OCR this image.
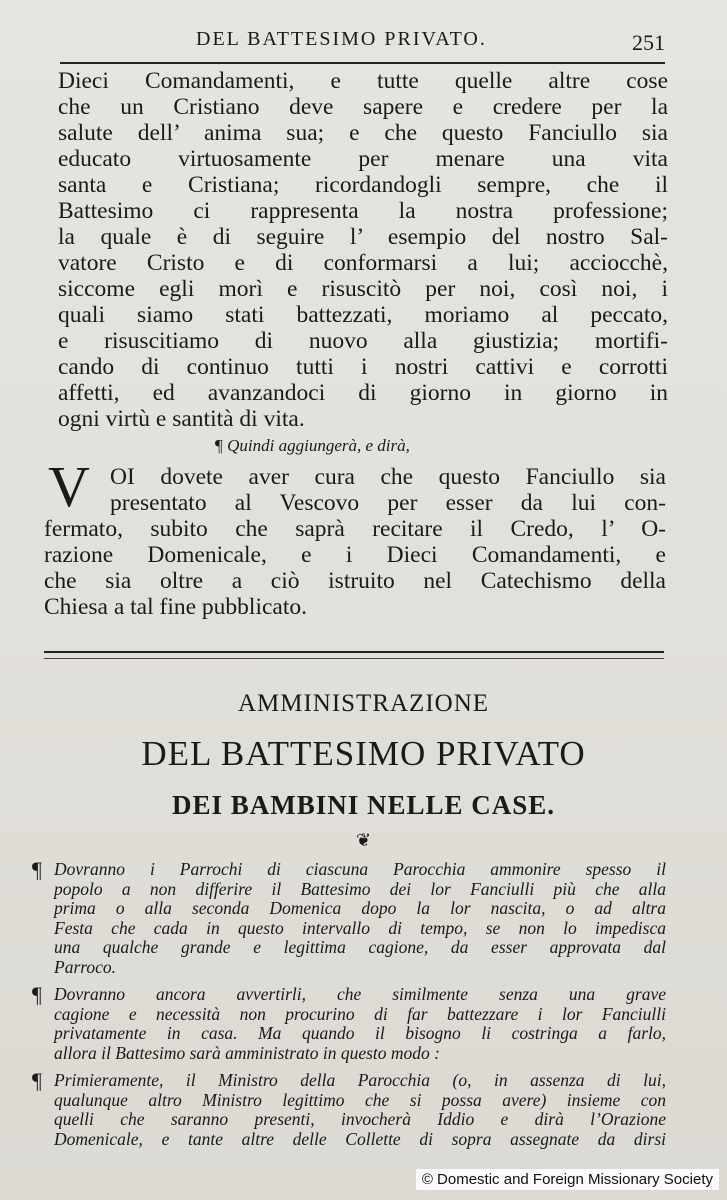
DEL BATTESIMO PRIVATO.	251
Dieci Comandamenti, e tutte quelle altre cose
che un Cristiano deve sapere e credere per la
salute dell’ anima sua; e che questo Fanciullo sia
educato virtuosamente per menare una vita
santa e Cristiana; ricordandogli sempre, che il
Battesimo ci rappresenta la nostra professione;
la quale è di seguire l’ esempio del nostro Sal-
vatore Cristo e di conformarsi a lui; acciocchè,
siccome egli morì e risuscitò per noi, così noi, i
quali siamo stati battezzati, moriamo al peccato,
e risuscitiamo di nuovo alla giustizia; mortifi-
cando di continuo tutti i nostri cattivi e corrotti
affetti, ed avanzandoci di giorno in giorno in
ogni virtù e santità di vita.
¶ Quindi aggiungerà, e dirà,
V OI dovete aver cura che questo Fanciullo sia
presentato al Vescovo per esser da lui con-
fermato, subito che saprà recitare il Credo, l’ O-
razione Domenicale, e i Dieci Comandamenti, e
che sia oltre a ciò istruito nel Catechismo della
Chiesa a tal fine pubblicato.
AMMINISTRAZIONE
DEL BATTESIMO PRIVATO
DEI BAMBINI NELLE CASE.
❦
¶ Dovranno i Parrochi di ciascuna Parocchia ammonire spesso il
popolo a non differire il Battesimo dei lor Fanciulli più che alla
prima o alla seconda Domenica dopo la lor nascita, o ad altra
Festa che cada in questo intervallo di tempo, se non lo impedisca
una qualche grande e legittima cagione, da esser approvata dal
Parroco.
¶ Dovranno ancora avvertirli, che similmente senza una grave
cagione e necessità non procurino di far battezzare i lor Fanciulli
privatamente in casa. Ma quando il bisogno li costringa a farlo,
allora il Battesimo sarà amministrato in questo modo :
¶ Primieramente, il Ministro della Parocchia (o, in assenza di lui,
qualunque altro Ministro legittimo che si possa avere) insieme con
quelli che saranno presenti, invocherà Iddio e dirà l’Orazione
Domenicale, e tante altre delle Collette di sopra assegnate da dirsi
© Domestic and Foreign Missionary Society
